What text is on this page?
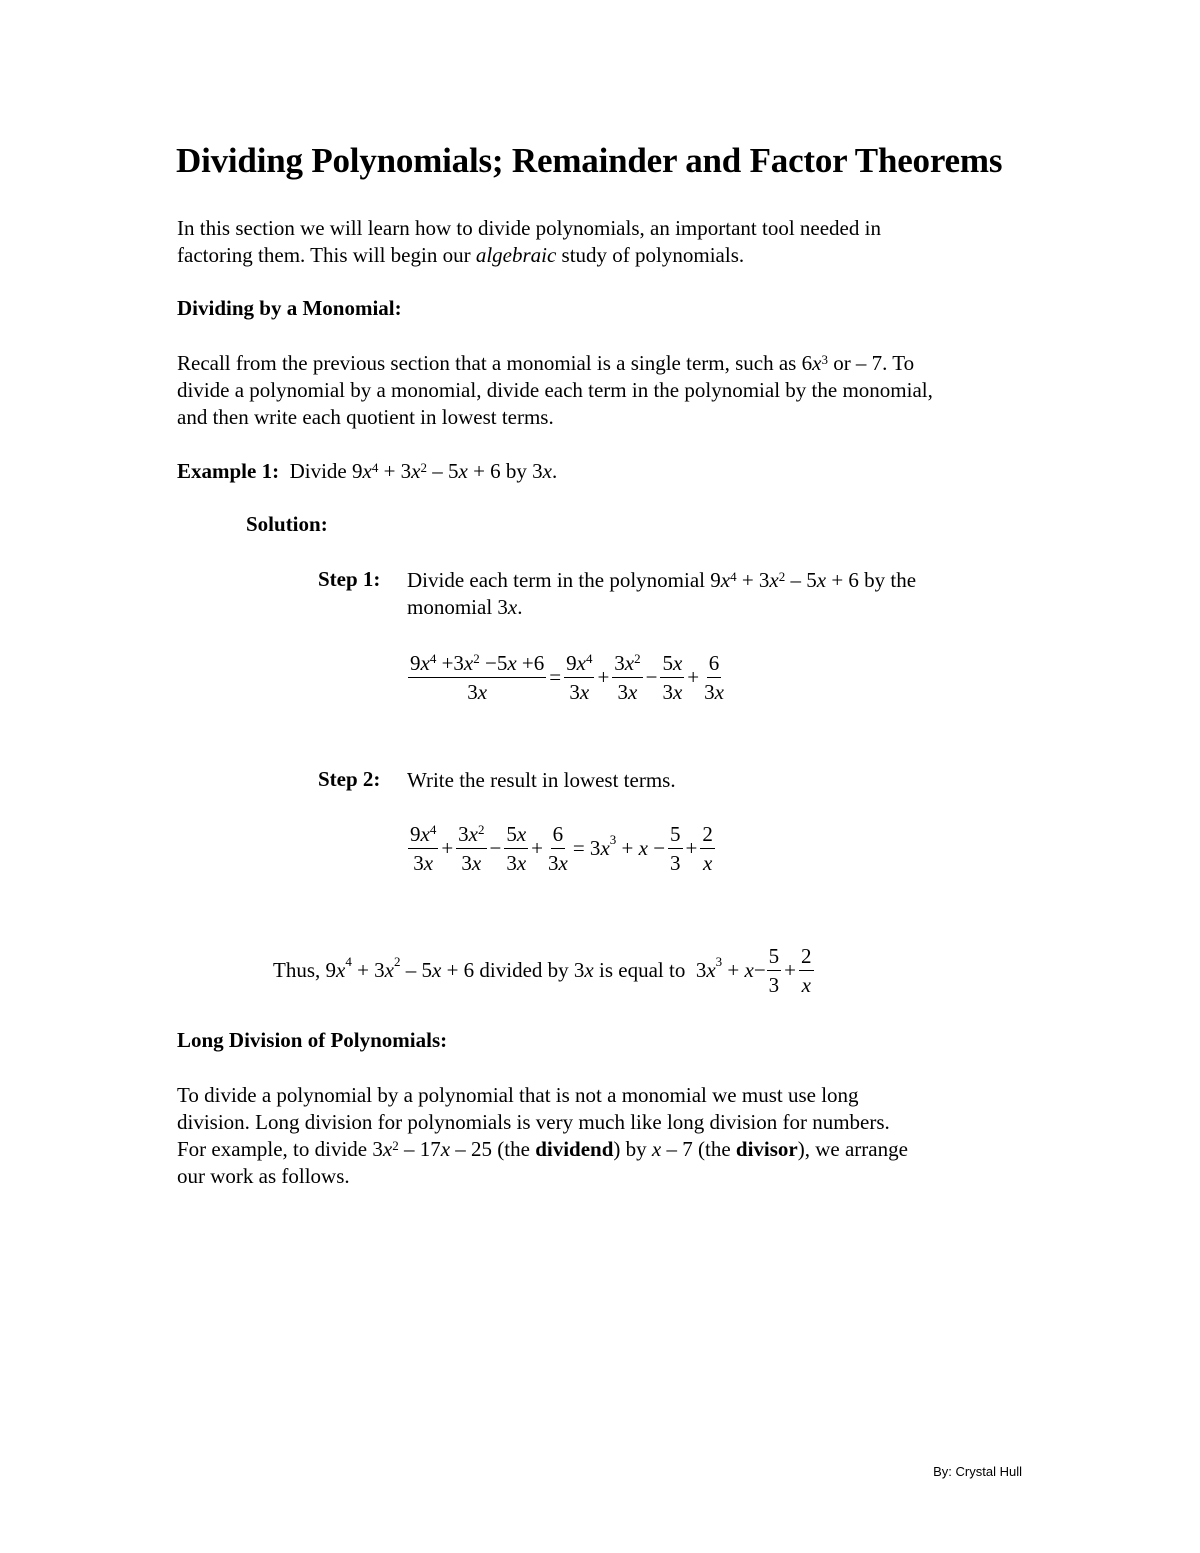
Dividing Polynomials; Remainder and Factor Theorems
In this section we will learn how to divide polynomials, an important tool needed in
factoring them. This will begin our algebraic study of polynomials.
Dividing by a Monomial:
Recall from the previous section that a monomial is a single term, such as $6x^3$ or – 7. To
divide a polynomial by a monomial, divide each term in the polynomial by the monomial,
and then write each quotient in lowest terms.
Example 1: Divide $9x^4 + 3x^2 - 5x + 6$ by 3x.
Solution:
Step 1: Divide each term in the polynomial $9x^4 + 3x^2 - 5x + 6$ by the
monomial 3x.
$\frac{9x^4 +3x^2 -5x +6}{3x} = \frac{9x^4}{3x} + \frac{3x^2}{3x} - \frac{5x}{3x} + \frac{6}{3x}$
Step 2: Write the result in lowest terms.
$\frac{9x^4}{3x} + \frac{3x^2}{3x} - \frac{5x}{3x} + \frac{6}{3x} = 3x^3 + x - \frac{5}{3} + \frac{2}{x}$
Thus, $9x^4 + 3x^2 - 5x + 6$ divided by 3x is equal to  $3x^3 + x- \frac{5}{3} + \frac{2}{x}$
Long Division of Polynomials:
To divide a polynomial by a polynomial that is not a monomial we must use long
division. Long division for polynomials is very much like long division for numbers.
For example, to divide $3x^2 - 17x - 25$ (the dividend) by x – 7 (the divisor), we arrange
our work as follows.
By: Crystal Hull
